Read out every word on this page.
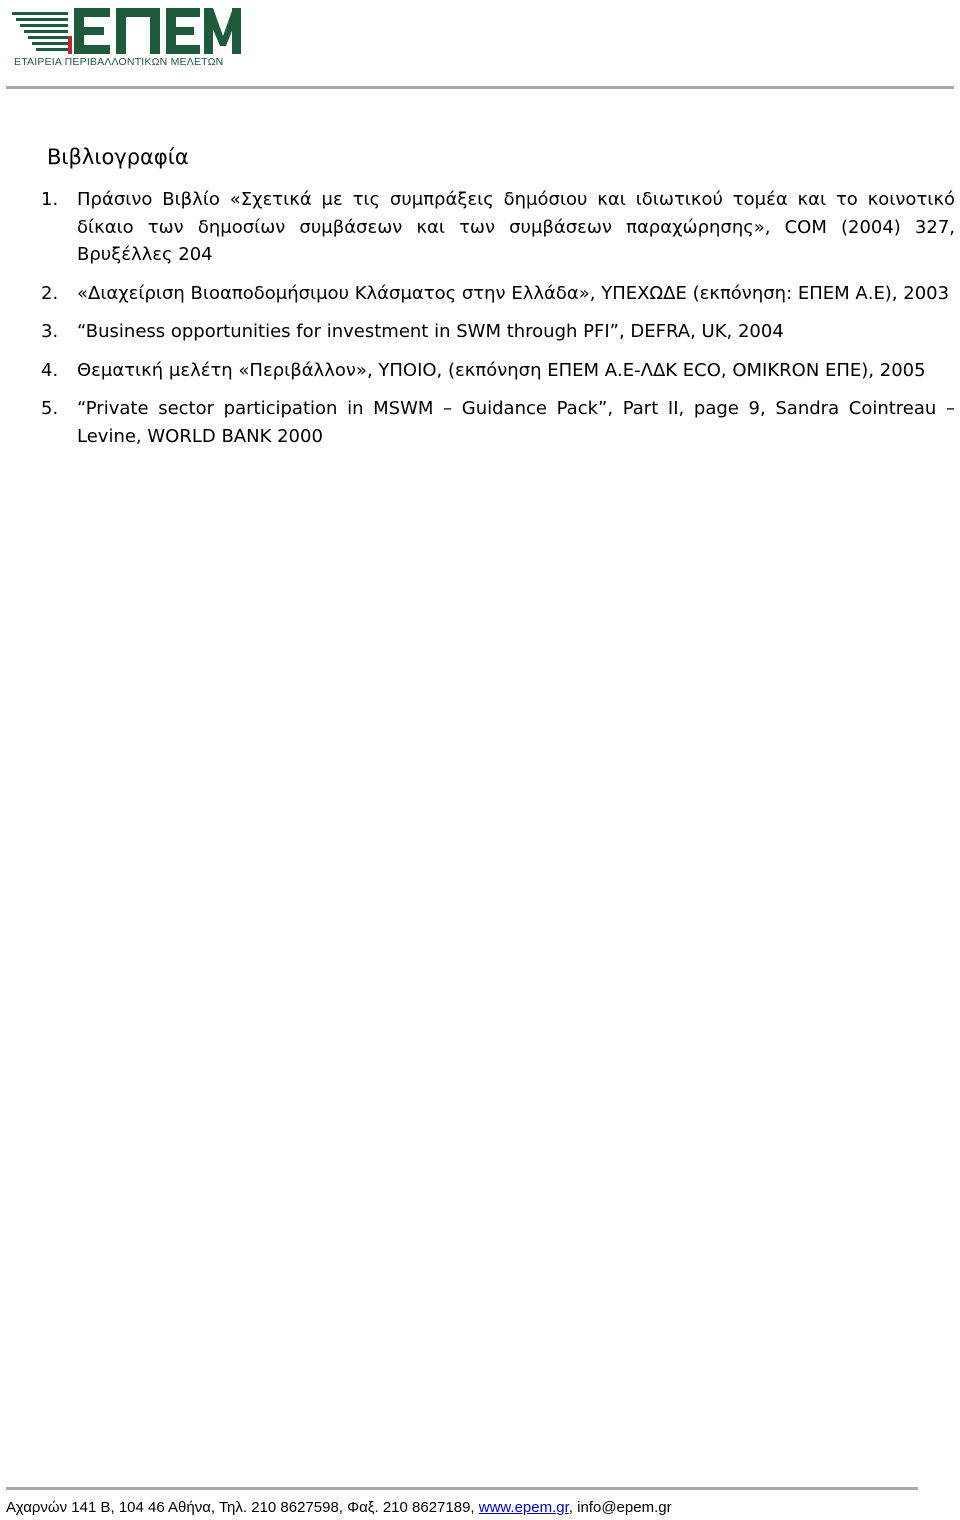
ΕΤΑΙΡΕΙΑ ΠΕΡΙΒΑΛΛΟΝΤΙΚΩΝ ΜΕΛΕΤΩΝ
Βιβλιογραφία
1. Πράσινο Βιβλίο «Σχετικά με τις συμπράξεις δημόσιου και ιδιωτικού τομέα και το κοινοτικό δίκαιο των δημοσίων συμβάσεων και των συμβάσεων παραχώρησης», COM (2004) 327, Βρυξέλλες 204
2. «Διαχείριση Βιοαποδομήσιμου Κλάσματος στην Ελλάδα», ΥΠΕΧΩΔΕ (εκπόνηση: ΕΠΕΜ Α.Ε), 2003
3. “Business opportunities for investment in SWM through PFI”, DEFRA, UK, 2004
4. Θεματική μελέτη «Περιβάλλον», ΥΠΟΙΟ, (εκπόνηση ΕΠΕΜ Α.Ε-ΛΔΚ ECO, OMIKRON ΕΠΕ), 2005
5. “Private sector participation in MSWM – Guidance Pack”, Part II, page 9, Sandra Cointreau – Levine, WORLD BANK 2000
Αχαρνών 141 Β, 104 46 Αθήνα, Τηλ. 210 8627598, Φαξ. 210 8627189, www.epem.gr, info@epem.gr
